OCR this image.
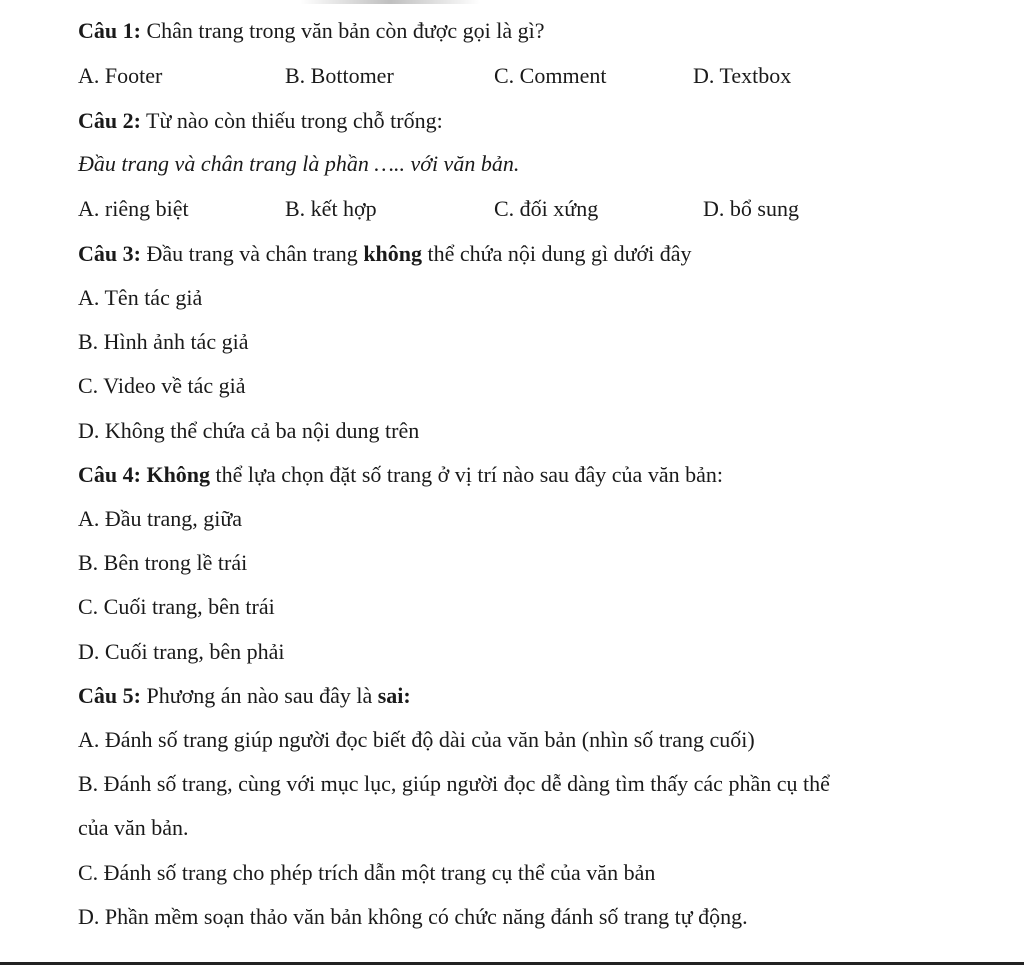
Câu 1: Chân trang trong văn bản còn được gọi là gì?
A. Footer	B. Bottomer	C. Comment	D. Textbox
Câu 2: Từ nào còn thiếu trong chỗ trống:
Đầu trang và chân trang là phần ….. với văn bản.
A. riêng biệt	B. kết hợp	C. đối xứng	D. bổ sung
Câu 3: Đầu trang và chân trang không thể chứa nội dung gì dưới đây
A. Tên tác giả
B. Hình ảnh tác giả
C. Video về tác giả
D. Không thể chứa cả ba nội dung trên
Câu 4: Không thể lựa chọn đặt số trang ở vị trí nào sau đây của văn bản:
A. Đầu trang, giữa
B. Bên trong lề trái
C. Cuối trang, bên trái
D. Cuối trang, bên phải
Câu 5: Phương án nào sau đây là sai:
A. Đánh số trang giúp người đọc biết độ dài của văn bản (nhìn số trang cuối)
B. Đánh số trang, cùng với mục lục, giúp người đọc dễ dàng tìm thấy các phần cụ thể
của văn bản.
C. Đánh số trang cho phép trích dẫn một trang cụ thể của văn bản
D. Phần mềm soạn thảo văn bản không có chức năng đánh số trang tự động.
